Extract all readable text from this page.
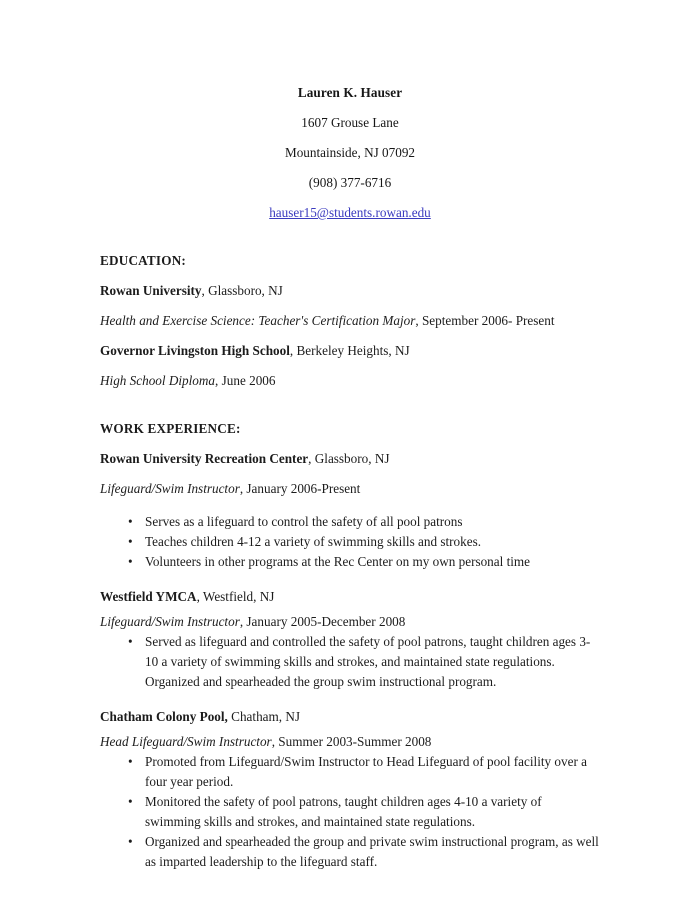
Lauren K. Hauser
1607 Grouse Lane
Mountainside, NJ 07092
(908) 377-6716
hauser15@students.rowan.edu
EDUCATION:
Rowan University, Glassboro, NJ
Health and Exercise Science: Teacher's Certification Major, September 2006- Present
Governor Livingston High School, Berkeley Heights, NJ
High School Diploma, June 2006
WORK EXPERIENCE:
Rowan University Recreation Center, Glassboro, NJ
Lifeguard/Swim Instructor, January 2006-Present
• Serves as a lifeguard to control the safety of all pool patrons
• Teaches children 4-12 a variety of swimming skills and strokes.
• Volunteers in other programs at the Rec Center on my own personal time
Westfield YMCA, Westfield, NJ
Lifeguard/Swim Instructor, January 2005-December 2008
• Served as lifeguard and controlled the safety of pool patrons, taught children ages 3-10 a variety of swimming skills and strokes, and maintained state regulations. Organized and spearheaded the group swim instructional program.
Chatham Colony Pool, Chatham, NJ
Head Lifeguard/Swim Instructor, Summer 2003-Summer 2008
• Promoted from Lifeguard/Swim Instructor to Head Lifeguard of pool facility over a four year period.
• Monitored the safety of pool patrons, taught children ages 4-10 a variety of swimming skills and strokes, and maintained state regulations.
• Organized and spearheaded the group and private swim instructional program, as well as imparted leadership to the lifeguard staff.
